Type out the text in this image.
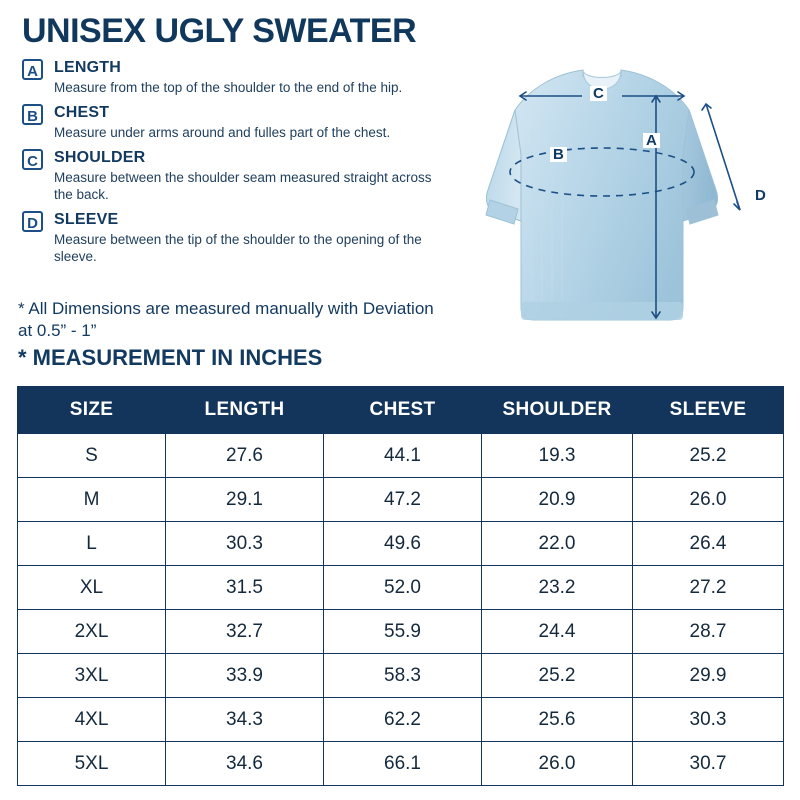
UNISEX UGLY SWEATER
A	LENGTH
Measure from the top of the shoulder to the end of the hip.
B	CHEST
Measure under arms around and fulles part of the chest.
C	SHOULDER
Measure between the shoulder seam measured straight across the back.
D	SLEEVE
Measure between the tip of the shoulder to the opening of the sleeve.
* All Dimensions are measured manually with Deviation at 0.5” - 1”
* MEASUREMENT IN INCHES
A
B
C
D
SIZE	LENGTH	CHEST	SHOULDER	SLEEVE
S	27.6	44.1	19.3	25.2
M	29.1	47.2	20.9	26.0
L	30.3	49.6	22.0	26.4
XL	31.5	52.0	23.2	27.2
2XL	32.7	55.9	24.4	28.7
3XL	33.9	58.3	25.2	29.9
4XL	34.3	62.2	25.6	30.3
5XL	34.6	66.1	26.0	30.7
